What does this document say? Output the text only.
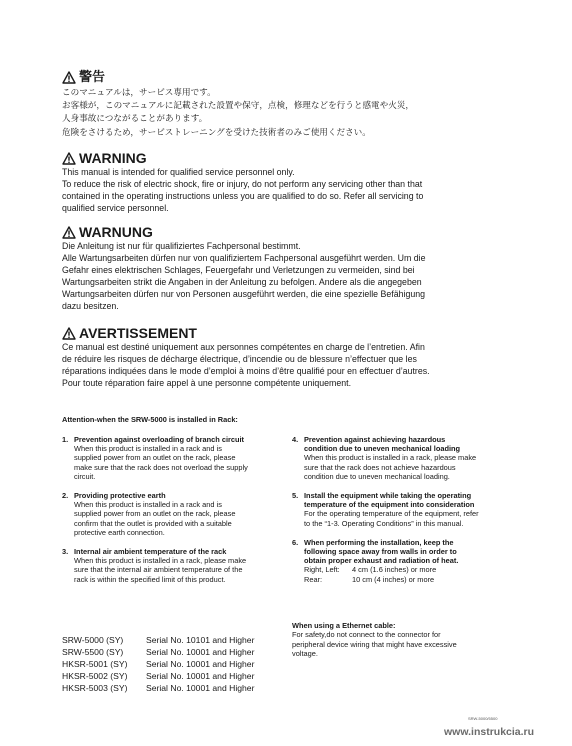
警告
このマニュアルは，サービス専用です。
お客様が，このマニュアルに記載された設置や保守，点検，修理などを行うと感電や火災，
人身事故につながることがあります。
危険をさけるため，サービストレーニングを受けた技術者のみご使用ください。
WARNING
This manual is intended for qualified service personnel only.
To reduce the risk of electric shock, fire or injury, do not perform any servicing other than that
contained in the operating instructions unless you are qualified to do so. Refer all servicing to
qualified service personnel.
WARNUNG
Die Anleitung ist nur für qualifiziertes Fachpersonal bestimmt.
Alle Wartungsarbeiten dürfen nur von qualifiziertem Fachpersonal ausgeführt werden. Um die
Gefahr eines elektrischen Schlages, Feuergefahr und Verletzungen zu vermeiden, sind bei
Wartungsarbeiten strikt die Angaben in der Anleitung zu befolgen. Andere als die angegeben
Wartungsarbeiten dürfen nur von Personen ausgeführt werden, die eine spezielle Befähigung
dazu besitzen.
AVERTISSEMENT
Ce manual est destiné uniquement aux personnes compétentes en charge de l’entretien. Afin
de réduire les risques de décharge électrique, d’incendie ou de blessure n’effectuer que les
réparations indiquées dans le mode d’emploi à moins d’être qualifié pour en effectuer d’autres.
Pour toute réparation faire appel à une personne compétente uniquement.
Attention-when the SRW-5000 is installed in Rack:
1. Prevention against overloading of branch circuit
When this product is installed in a rack and is
supplied power from an outlet on the rack, please
make sure that the rack does not overload the supply
circuit.
2. Providing protective earth
When this product is installed in a rack and is
supplied power from an outlet on the rack, please
confirm that the outlet is provided with a suitable
protective earth connection.
3. Internal air ambient temperature of the rack
When this product is installed in a rack, please make
sure that the internal air ambient temperature of the
rack is within the specified limit of this product.
4. Prevention against achieving hazardous
condition due to uneven mechanical loading
When this product is installed in a rack, please make
sure that the rack does not achieve hazardous
condition due to uneven mechanical loading.
5. Install the equipment while taking the operating
temperature of the equipment into consideration
For the operating temperature of the equipment, refer
to the “1-3. Operating Conditions” in this manual.
6. When performing the installation, keep the
following space away from walls in order to
obtain proper exhaust and radiation of heat.
Right, Left:	4 cm (1.6 inches) or more
Rear:	10 cm (4 inches) or more
When using a Ethernet cable:
For safety,do not connect to the connector for
peripheral device wiring that might have excessive
voltage.
SRW-5000 (SY)	Serial No. 10101 and Higher
SRW-5500 (SY)	Serial No. 10001 and Higher
HKSR-5001 (SY)	Serial No. 10001 and Higher
HKSR-5002 (SY)	Serial No. 10001 and Higher
HKSR-5003 (SY)	Serial No. 10001 and Higher
SRW-5000/5500
www.instrukcia.ru
